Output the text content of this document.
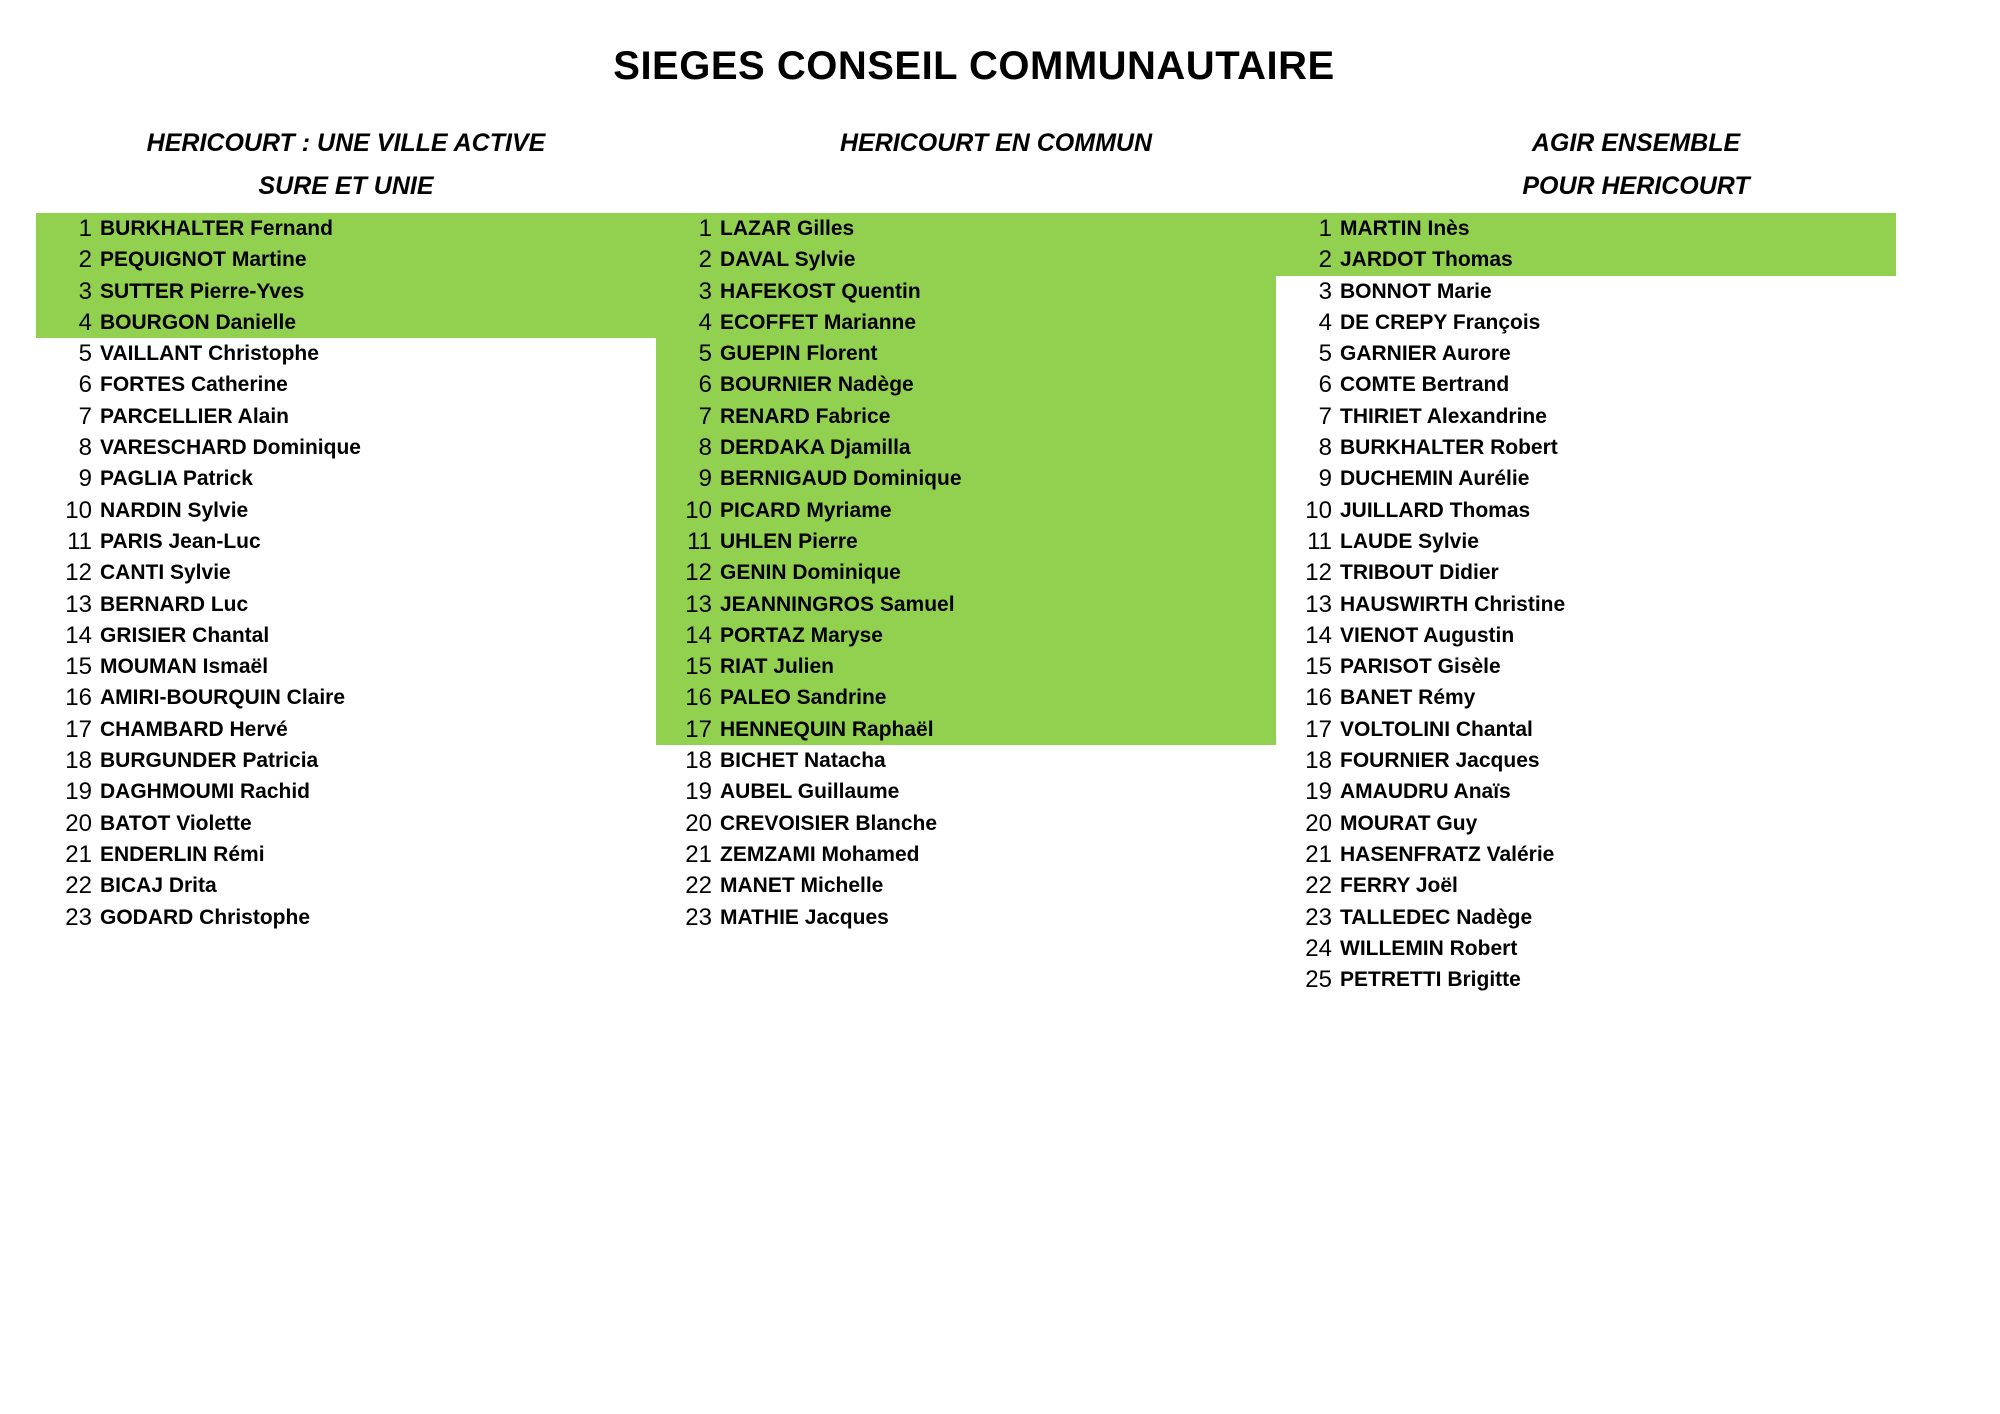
SIEGES CONSEIL COMMUNAUTAIRE
HERICOURT : UNE VILLE ACTIVE
SURE ET UNIE
HERICOURT EN COMMUN	AGIR ENSEMBLE
POUR HERICOURT
1 BURKHALTER Fernand
2 PEQUIGNOT Martine
3 SUTTER Pierre-Yves
4 BOURGON Danielle
5 VAILLANT Christophe
6 FORTES Catherine
7 PARCELLIER Alain
8 VARESCHARD Dominique
9 PAGLIA Patrick
10 NARDIN Sylvie
11 PARIS Jean-Luc
12 CANTI Sylvie
13 BERNARD Luc
14 GRISIER Chantal
15 MOUMAN Ismaël
16 AMIRI-BOURQUIN Claire
17 CHAMBARD Hervé
18 BURGUNDER Patricia
19 DAGHMOUMI Rachid
20 BATOT Violette
21 ENDERLIN Rémi
22 BICAJ Drita
23 GODARD Christophe
1 LAZAR Gilles
2 DAVAL Sylvie
3 HAFEKOST Quentin
4 ECOFFET Marianne
5 GUEPIN Florent
6 BOURNIER Nadège
7 RENARD Fabrice
8 DERDAKA Djamilla
9 BERNIGAUD Dominique
10 PICARD Myriame
11 UHLEN Pierre
12 GENIN Dominique
13 JEANNINGROS Samuel
14 PORTAZ Maryse
15 RIAT Julien
16 PALEO Sandrine
17 HENNEQUIN Raphaël
18 BICHET Natacha
19 AUBEL Guillaume
20 CREVOISIER Blanche
21 ZEMZAMI Mohamed
22 MANET Michelle
23 MATHIE Jacques
1 MARTIN Inès
2 JARDOT Thomas
3 BONNOT Marie
4 DE CREPY François
5 GARNIER Aurore
6 COMTE Bertrand
7 THIRIET Alexandrine
8 BURKHALTER Robert
9 DUCHEMIN Aurélie
10 JUILLARD Thomas
11 LAUDE Sylvie
12 TRIBOUT Didier
13 HAUSWIRTH Christine
14 VIENOT Augustin
15 PARISOT Gisèle
16 BANET Rémy
17 VOLTOLINI Chantal
18 FOURNIER Jacques
19 AMAUDRU Anaïs
20 MOURAT Guy
21 HASENFRATZ Valérie
22 FERRY Joël
23 TALLEDEC Nadège
24 WILLEMIN Robert
25 PETRETTI Brigitte
